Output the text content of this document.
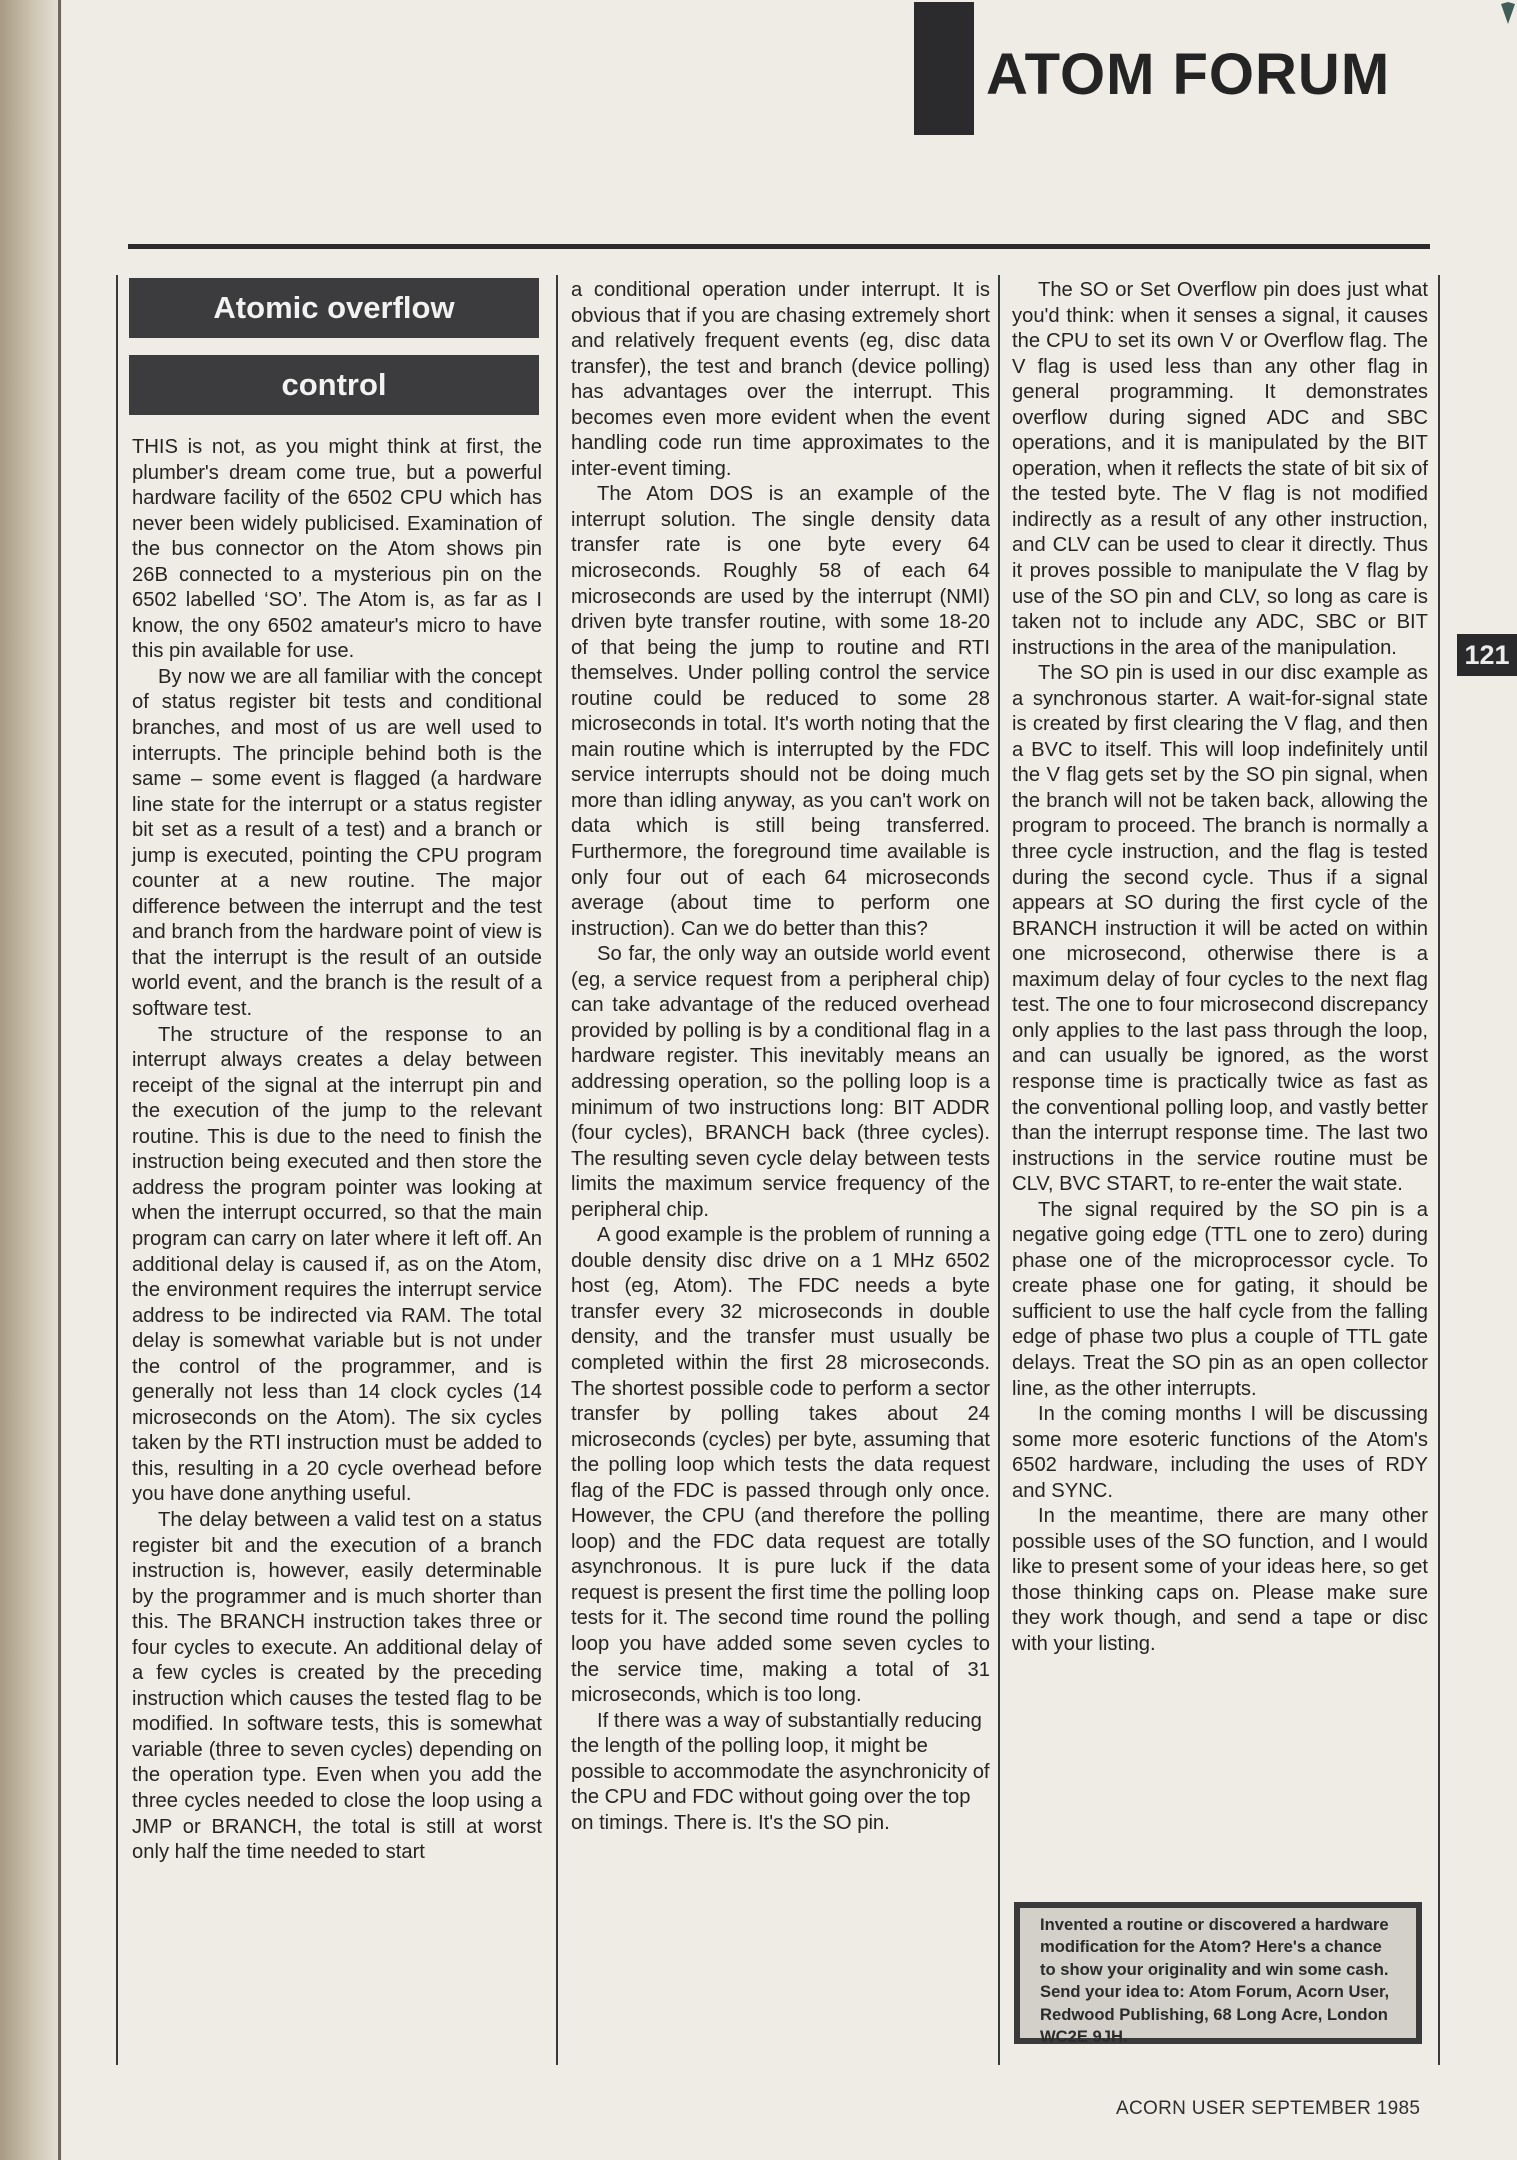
ATOM FORUM
Atomic overflow
control

THIS is not, as you might think at first, the plumber's dream come true, but a powerful hardware facility of the 6502 CPU which has never been widely publicised. Examination of the bus connector on the Atom shows pin 26B connected to a mysterious pin on the 6502 labelled ‘SO’. The Atom is, as far as I know, the ony 6502 amateur's micro to have this pin available for use.

By now we are all familiar with the concept of status register bit tests and conditional branches, and most of us are well used to interrupts. The principle behind both is the same – some event is flagged (a hardware line state for the interrupt or a status register bit set as a result of a test) and a branch or jump is executed, pointing the CPU program counter at a new routine. The major difference between the interrupt and the test and branch from the hardware point of view is that the interrupt is the result of an outside world event, and the branch is the result of a software test.

The structure of the response to an interrupt always creates a delay between receipt of the signal at the interrupt pin and the execution of the jump to the relevant routine. This is due to the need to finish the instruction being executed and then store the address the program pointer was looking at when the interrupt occurred, so that the main program can carry on later where it left off. An additional delay is caused if, as on the Atom, the environment requires the interrupt service address to be indirected via RAM. The total delay is somewhat variable but is not under the control of the programmer, and is generally not less than 14 clock cycles (14 microseconds on the Atom). The six cycles taken by the RTI instruction must be added to this, resulting in a 20 cycle overhead before you have done anything useful.

The delay between a valid test on a status register bit and the execution of a branch instruction is, however, easily determinable by the programmer and is much shorter than this. The BRANCH instruction takes three or four cycles to execute. An additional delay of a few cycles is created by the preceding instruction which causes the tested flag to be modified. In software tests, this is somewhat variable (three to seven cycles) depending on the operation type. Even when you add the three cycles needed to close the loop using a JMP or BRANCH, the total is still at worst only half the time needed to start

a conditional operation under interrupt. It is obvious that if you are chasing extremely short and relatively frequent events (eg, disc data transfer), the test and branch (device polling) has advantages over the interrupt. This becomes even more evident when the event handling code run time approximates to the inter-event timing.

The Atom DOS is an example of the interrupt solution. The single density data transfer rate is one byte every 64 microseconds. Roughly 58 of each 64 microseconds are used by the interrupt (NMI) driven byte transfer routine, with some 18-20 of that being the jump to routine and RTI themselves. Under polling control the service routine could be reduced to some 28 microseconds in total. It's worth noting that the main routine which is interrupted by the FDC service interrupts should not be doing much more than idling anyway, as you can't work on data which is still being transferred. Furthermore, the foreground time available is only four out of each 64 microseconds average (about time to perform one instruction). Can we do better than this?

So far, the only way an outside world event (eg, a service request from a peripheral chip) can take advantage of the reduced overhead provided by polling is by a conditional flag in a hardware register. This inevitably means an addressing operation, so the polling loop is a minimum of two instructions long: BIT ADDR (four cycles), BRANCH back (three cycles). The resulting seven cycle delay between tests limits the maximum service frequency of the peripheral chip.

A good example is the problem of running a double density disc drive on a 1 MHz 6502 host (eg, Atom). The FDC needs a byte transfer every 32 microseconds in double density, and the transfer must usually be completed within the first 28 microseconds. The shortest possible code to perform a sector transfer by polling takes about 24 microseconds (cycles) per byte, assuming that the polling loop which tests the data request flag of the FDC is passed through only once. However, the CPU (and therefore the polling loop) and the FDC data request are totally asynchronous. It is pure luck if the data request is present the first time the polling loop tests for it. The second time round the polling loop you have added some seven cycles to the service time, making a total of 31 microseconds, which is too long.

If there was a way of substantially reducing the length of the polling loop, it might be possible to accommodate the asynchronicity of the CPU and FDC without going over the top on timings. There is. It's the SO pin.

The SO or Set Overflow pin does just what you'd think: when it senses a signal, it causes the CPU to set its own V or Overflow flag. The V flag is used less than any other flag in general programming. It demonstrates overflow during signed ADC and SBC operations, and it is manipulated by the BIT operation, when it reflects the state of bit six of the tested byte. The V flag is not modified indirectly as a result of any other instruction, and CLV can be used to clear it directly. Thus it proves possible to manipulate the V flag by use of the SO pin and CLV, so long as care is taken not to include any ADC, SBC or BIT instructions in the area of the manipulation.

The SO pin is used in our disc example as a synchronous starter. A wait-for-signal state is created by first clearing the V flag, and then a BVC to itself. This will loop indefinitely until the V flag gets set by the SO pin signal, when the branch will not be taken back, allowing the program to proceed. The branch is normally a three cycle instruction, and the flag is tested during the second cycle. Thus if a signal appears at SO during the first cycle of the BRANCH instruction it will be acted on within one microsecond, otherwise there is a maximum delay of four cycles to the next flag test. The one to four microsecond discrepancy only applies to the last pass through the loop, and can usually be ignored, as the worst response time is practically twice as fast as the conventional polling loop, and vastly better than the interrupt response time. The last two instructions in the service routine must be CLV, BVC START, to re-enter the wait state.

The signal required by the SO pin is a negative going edge (TTL one to zero) during phase one of the microprocessor cycle. To create phase one for gating, it should be sufficient to use the half cycle from the falling edge of phase two plus a couple of TTL gate delays. Treat the SO pin as an open collector line, as the other interrupts.

In the coming months I will be discussing some more esoteric functions of the Atom's 6502 hardware, including the uses of RDY and SYNC.

In the meantime, there are many other possible uses of the SO function, and I would like to present some of your ideas here, so get those thinking caps on. Please make sure they work though, and send a tape or disc with your listing.

Invented a routine or discovered a hardware modification for the Atom? Here's a chance to show your originality and win some cash. Send your idea to: Atom Forum, Acorn User, Redwood Publishing, 68 Long Acre, London WC2E 9JH.
121
ACORN USER SEPTEMBER 1985
